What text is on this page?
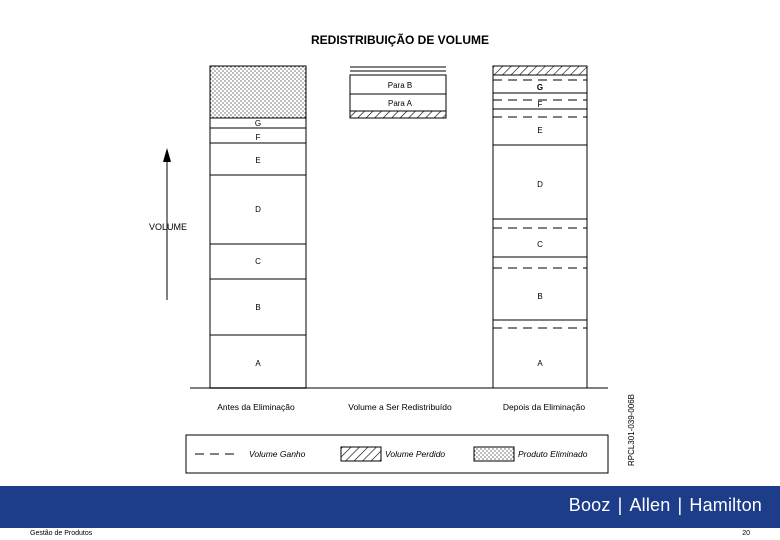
REDISTRIBUIÇÃO DE VOLUME
VOLUME
G
F
E
D
C
B
A
Para B
Para A
G
F
E
D
C
B
A
Antes da Eliminação	Volume a Ser Redistribuído	Depois da Eliminação	RPCL301-039-006B
Volume Ganho	Volume Perdido	Produto Eliminado
Booz | Allen | Hamilton
Gestão de Produtos	20
